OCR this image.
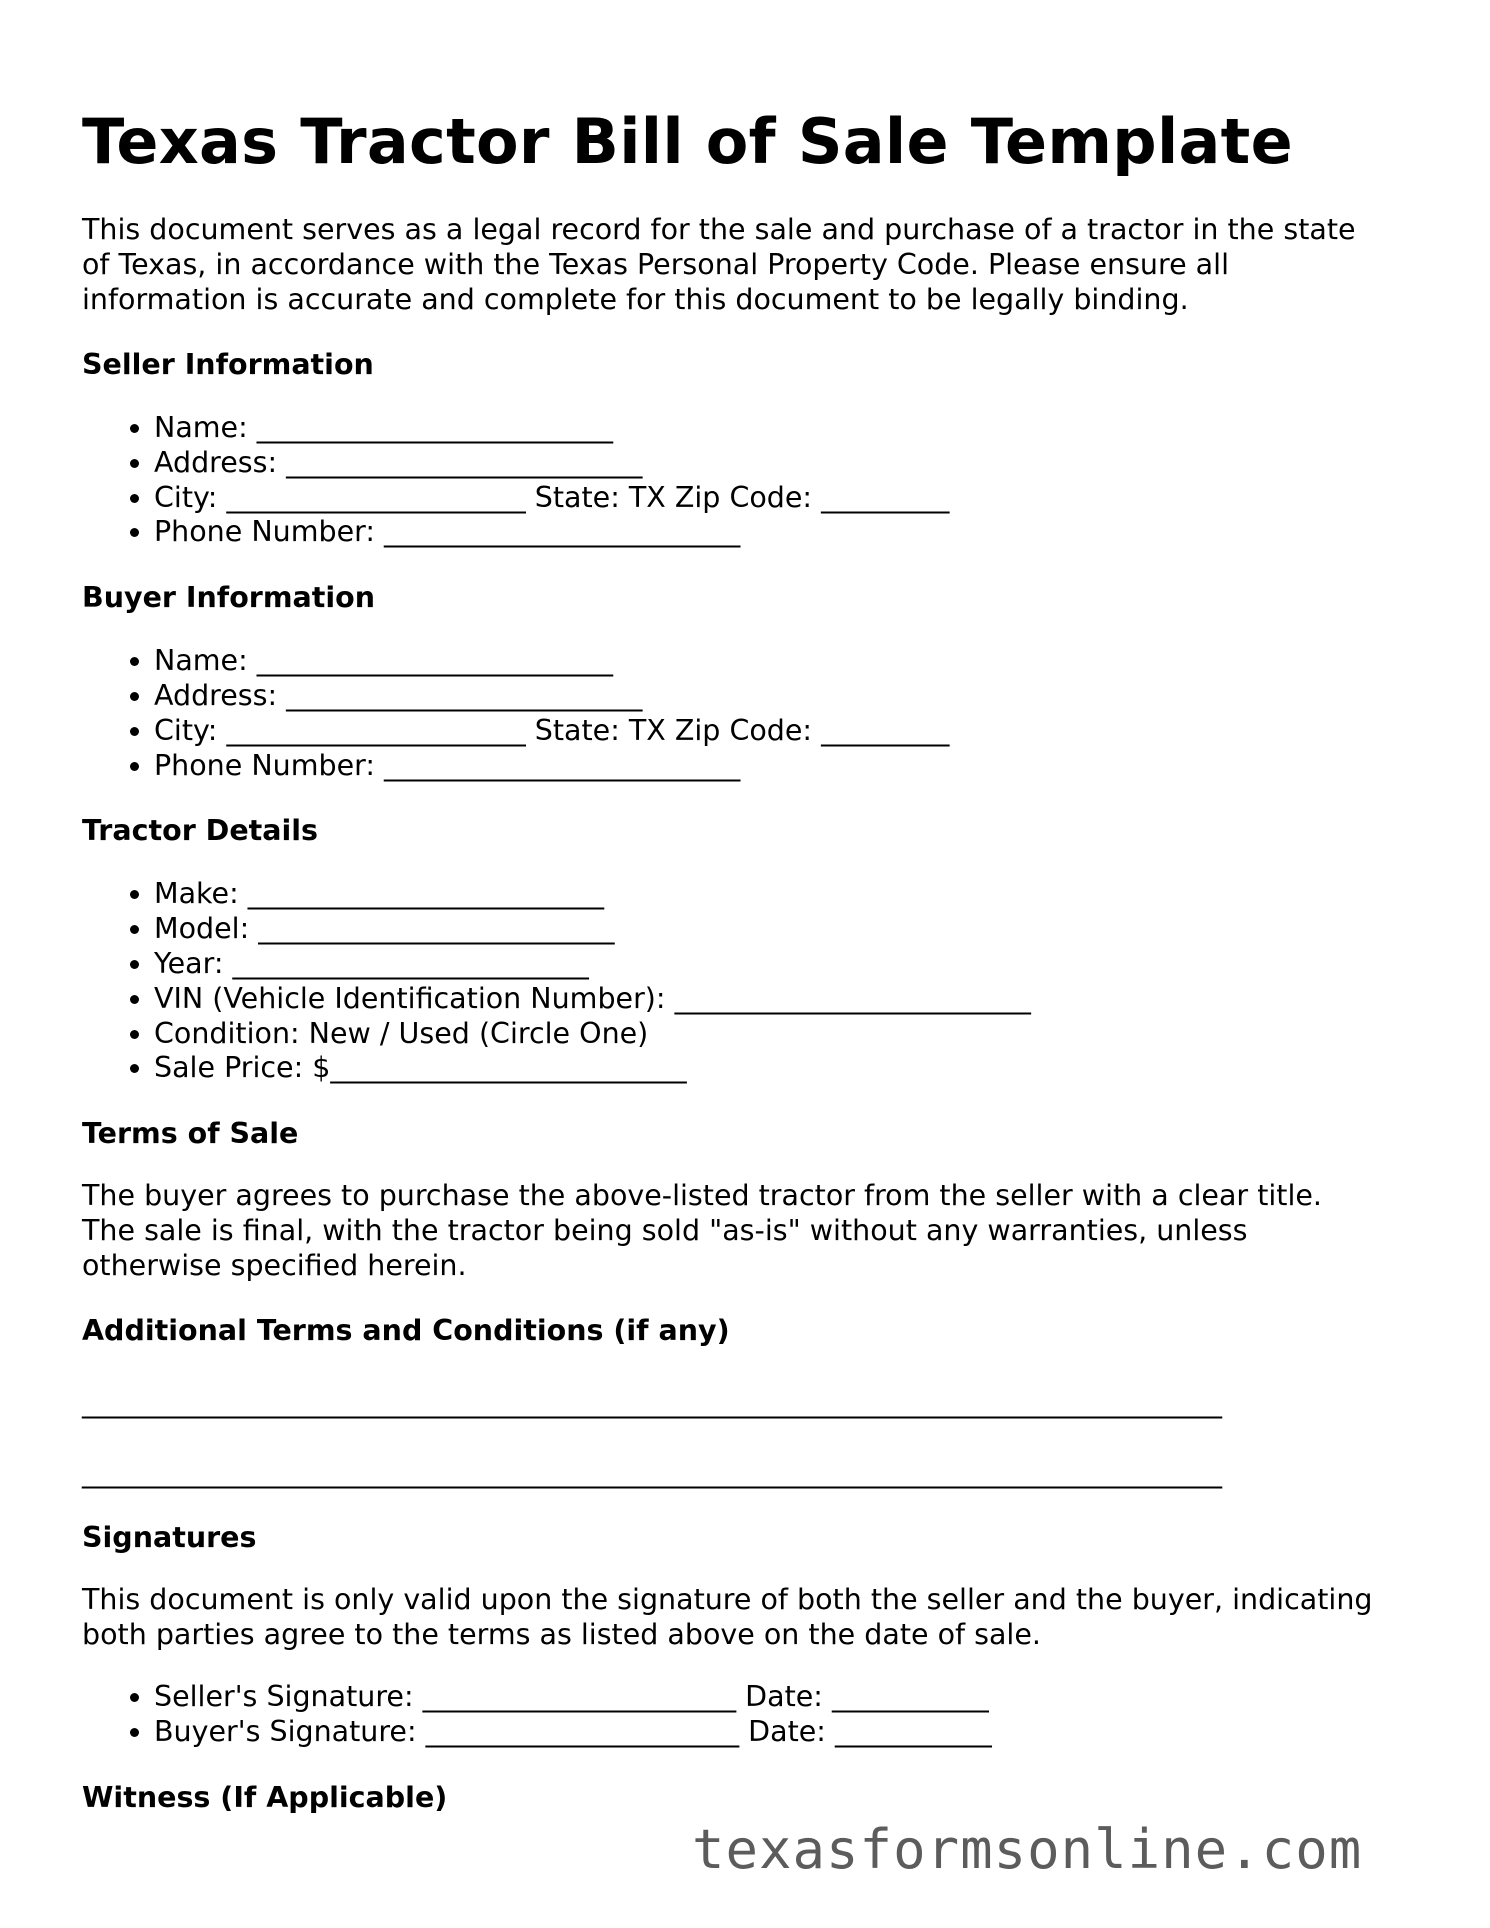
Texas Tractor Bill of Sale Template

This document serves as a legal record for the sale and purchase of a tractor in the state
of Texas, in accordance with the Texas Personal Property Code. Please ensure all
information is accurate and complete for this document to be legally binding.

Seller Information
• Name: _________________________
• Address: _________________________
• City: _____________________ State: TX Zip Code: _________
• Phone Number: _________________________
Buyer Information
• Name: _________________________
• Address: _________________________
• City: _____________________ State: TX Zip Code: _________
• Phone Number: _________________________
Tractor Details
• Make: _________________________
• Model: _________________________
• Year: _________________________
• VIN (Vehicle Identification Number): _________________________
• Condition: New / Used (Circle One)
• Sale Price: $_________________________
Terms of Sale

The buyer agrees to purchase the above-listed tractor from the seller with a clear title.
The sale is final, with the tractor being sold "as-is" without any warranties, unless
otherwise specified herein.

Additional Terms and Conditions (if any)
________________________________________________________________________________
________________________________________________________________________________
Signatures

This document is only valid upon the signature of both the seller and the buyer, indicating
both parties agree to the terms as listed above on the date of sale.

• Seller's Signature: ______________________ Date: ___________
• Buyer's Signature: ______________________ Date: ___________
Witness (If Applicable)
texasformsonline.com
